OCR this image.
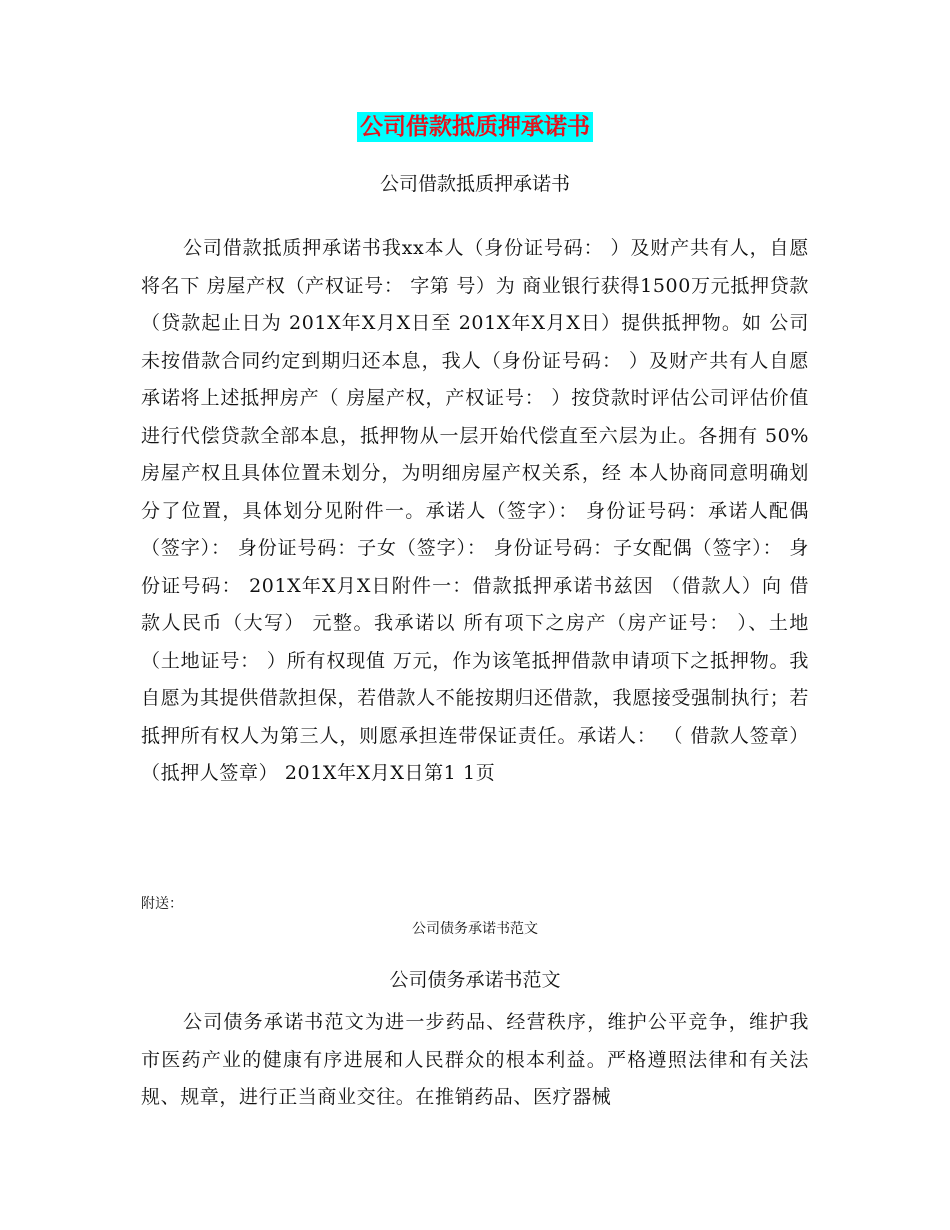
公司借款抵质押承诺书
公司借款抵质押承诺书

公司借款抵质押承诺书我xx本人（身份证号码： ）及财产共有人，自愿将名下 房屋产权（产权证号： 字第 号）为 商业银行获得1500万元抵押贷款（贷款起止日为 201X年X月X日至 201X年X月X日）提供抵押物。如 公司未按借款合同约定到期归还本息，我人（身份证号码： ）及财产共有人自愿承诺将上述抵押房产（ 房屋产权，产权证号： ）按贷款时评估公司评估价值进行代偿贷款全部本息，抵押物从一层开始代偿直至六层为止。各拥有 50%房屋产权且具体位置未划分，为明细房屋产权关系，经 本人协商同意明确划分了位置，具体划分见附件一。承诺人（签字）： 身份证号码：承诺人配偶（签字）： 身份证号码：子女（签字）： 身份证号码：子女配偶（签字）： 身份证号码： 201X年X月X日附件一：借款抵押承诺书兹因 （借款人）向 借款人民币（大写） 元整。我承诺以 所有项下之房产（房产证号： ）、土地（土地证号： ）所有权现值 万元，作为该笔抵押借款申请项下之抵押物。我自愿为其提供借款担保，若借款人不能按期归还借款，我愿接受强制执行；若抵押所有权人为第三人，则愿承担连带保证责任。承诺人： （ 借款人签章）（抵押人签章） 201X年X月X日第1 1页

附送：
公司债务承诺书范文
公司债务承诺书范文

公司债务承诺书范文为进一步药品、经营秩序，维护公平竞争，维护我市医药产业的健康有序进展和人民群众的根本利益。严格遵照法律和有关法规、规章，进行正当商业交往。在推销药品、医疗器械
